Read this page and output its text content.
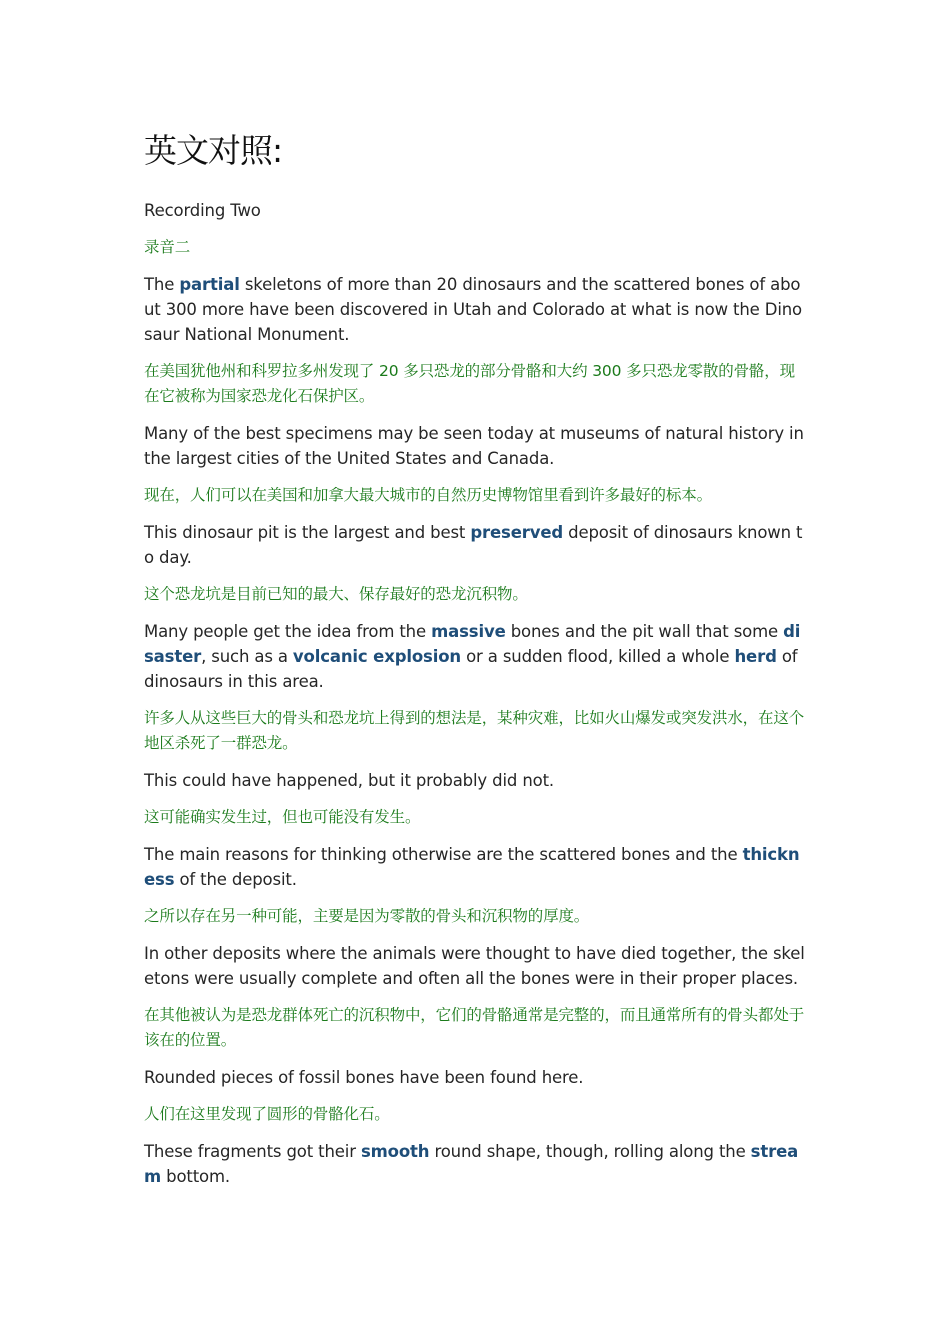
英文对照:

Recording Two

录音二

The partial skeletons of more than 20 dinosaurs and the scattered bones of about 300 more have been discovered in Utah and Colorado at what is now the Dinosaur National Monument.

在美国犹他州和科罗拉多州发现了 20 多只恐龙的部分骨骼和大约 300 多只恐龙零散的骨骼，现在它被称为国家恐龙化石保护区。

Many of the best specimens may be seen today at museums of natural history in the largest cities of the United States and Canada.

现在，人们可以在美国和加拿大最大城市的自然历史博物馆里看到许多最好的标本。

This dinosaur pit is the largest and best preserved deposit of dinosaurs known to day.

这个恐龙坑是目前已知的最大、保存最好的恐龙沉积物。

Many people get the idea from the massive bones and the pit wall that some disaster, such as a volcanic explosion or a sudden flood, killed a whole herd of dinosaurs in this area.

许多人从这些巨大的骨头和恐龙坑上得到的想法是，某种灾难，比如火山爆发或突发洪水，在这个地区杀死了一群恐龙。

This could have happened, but it probably did not.

这可能确实发生过，但也可能没有发生。

The main reasons for thinking otherwise are the scattered bones and the thickness of the deposit.

之所以存在另一种可能，主要是因为零散的骨头和沉积物的厚度。

In other deposits where the animals were thought to have died together, the skeletons were usually complete and often all the bones were in their proper places.

在其他被认为是恐龙群体死亡的沉积物中，它们的骨骼通常是完整的，而且通常所有的骨头都处于该在的位置。

Rounded pieces of fossil bones have been found here.

人们在这里发现了圆形的骨骼化石。

These fragments got their smooth round shape, though, rolling along the stream bottom.
